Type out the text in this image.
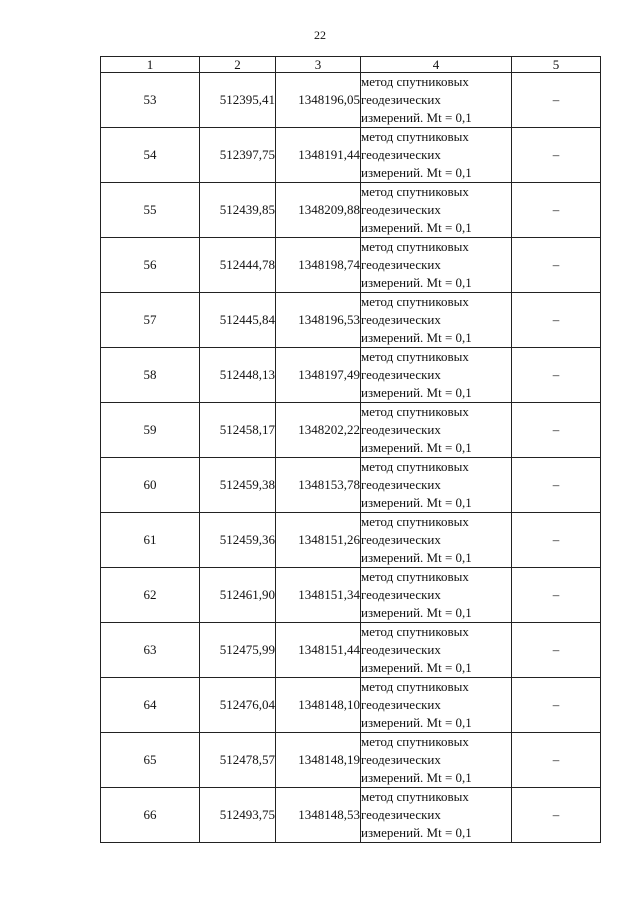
22
1	2	3	4	5
53	512395,41	1348196,05	метод спутниковых
геодезических
измерений. Mt = 0,1	–
54	512397,75	1348191,44	метод спутниковых
геодезических
измерений. Mt = 0,1	–
55	512439,85	1348209,88	метод спутниковых
геодезических
измерений. Mt = 0,1	–
56	512444,78	1348198,74	метод спутниковых
геодезических
измерений. Mt = 0,1	–
57	512445,84	1348196,53	метод спутниковых
геодезических
измерений. Mt = 0,1	–
58	512448,13	1348197,49	метод спутниковых
геодезических
измерений. Mt = 0,1	–
59	512458,17	1348202,22	метод спутниковых
геодезических
измерений. Mt = 0,1	–
60	512459,38	1348153,78	метод спутниковых
геодезических
измерений. Mt = 0,1	–
61	512459,36	1348151,26	метод спутниковых
геодезических
измерений. Mt = 0,1	–
62	512461,90	1348151,34	метод спутниковых
геодезических
измерений. Mt = 0,1	–
63	512475,99	1348151,44	метод спутниковых
геодезических
измерений. Mt = 0,1	–
64	512476,04	1348148,10	метод спутниковых
геодезических
измерений. Mt = 0,1	–
65	512478,57	1348148,19	метод спутниковых
геодезических
измерений. Mt = 0,1	–
66	512493,75	1348148,53	метод спутниковых
геодезических
измерений. Mt = 0,1	–
